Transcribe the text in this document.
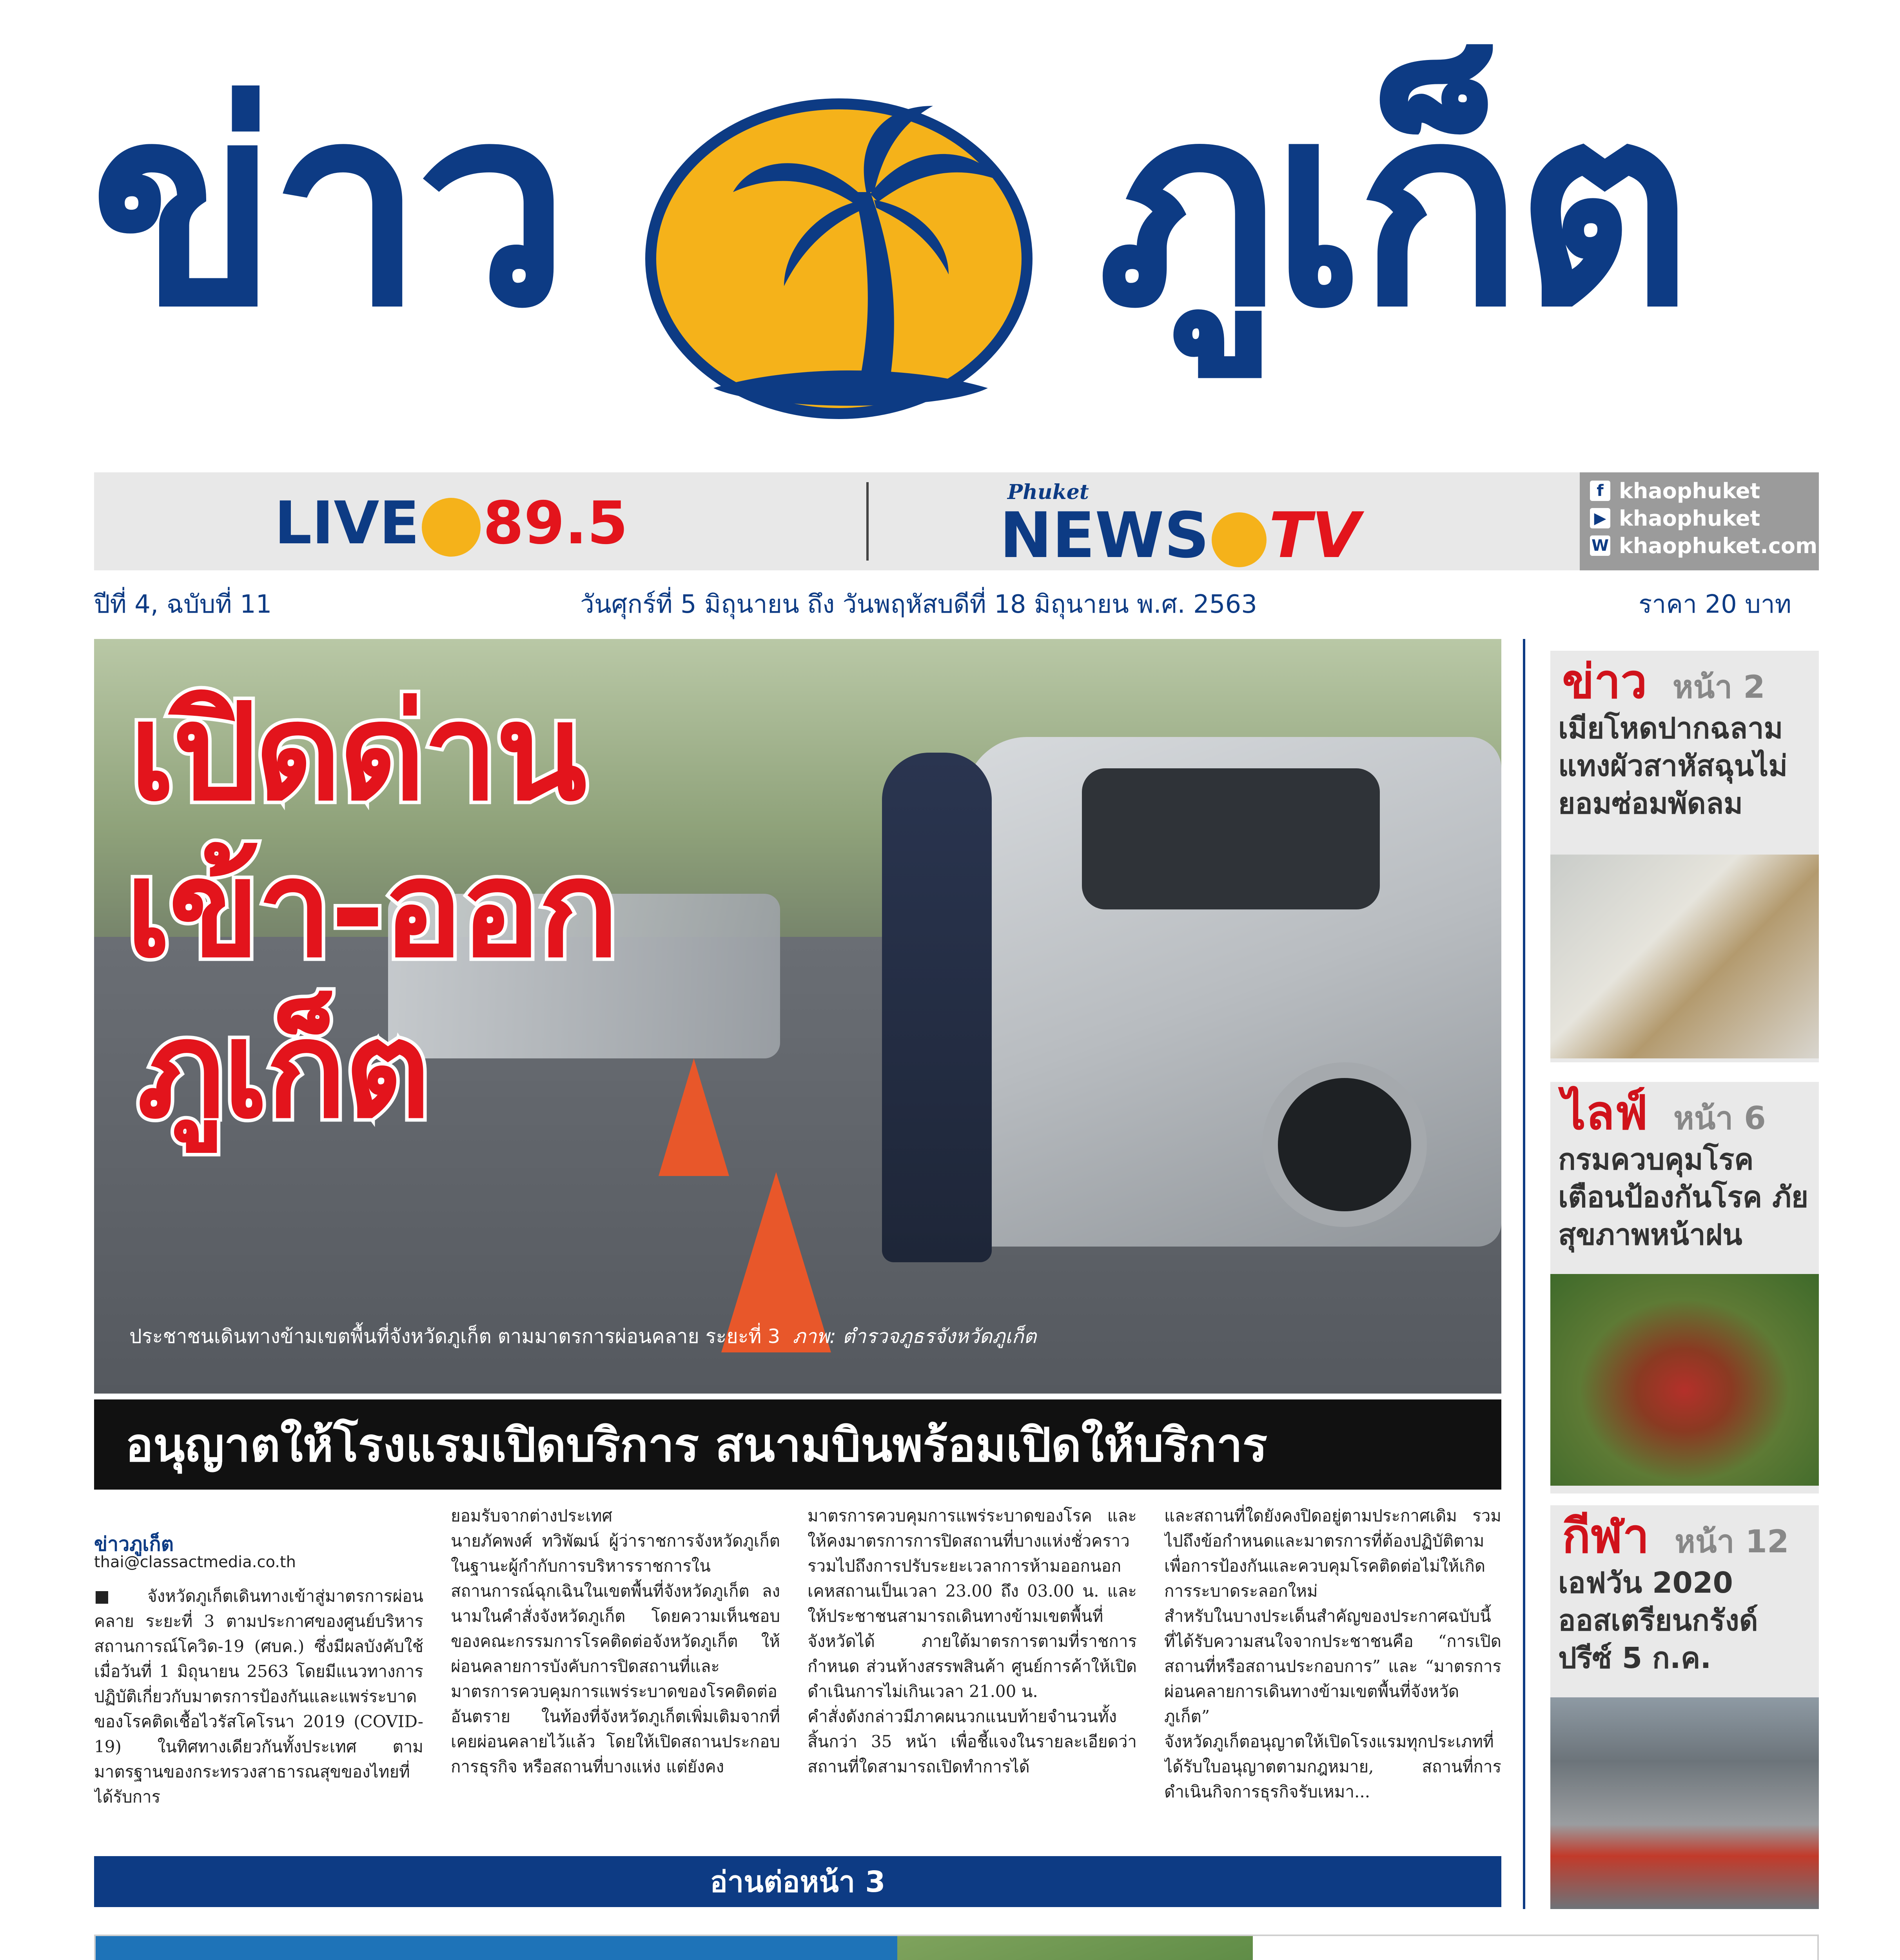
ข่าว ภูเก็ต
LIVE 89.5	Phuket
NEWS TV
f khaophuket
▶ khaophuket
W khaophuket.com
ปีที่ 4, ฉบับที่ 11	วันศุกร์ที่ 5 มิถุนายน ถึง วันพฤหัสบดีที่ 18 มิถุนายน พ.ศ. 2563	ราคา 20 บาท
เปิดด่าน
เข้า-ออก
ภูเก็ต
ประชาชนเดินทางข้ามเขตพื้นที่จังหวัดภูเก็ต ตามมาตรการผ่อนคลาย ระยะที่ 3 ภาพ: ตำรวจภูธรจังหวัดภูเก็ต
อนุญาตให้โรงแรมเปิดบริการ สนามบินพร้อมเปิดให้บริการ
ข่าวภูเก็ต
thai@classactmedia.co.th
■ จังหวัดภูเก็ตเดินทางเข้าสู่มาตรการผ่อนคลาย ระยะที่ 3 ตามประกาศของศูนย์บริหารสถานการณ์โควิด-19 (ศบค.) ซึ่งมีผลบังคับใช้เมื่อวันที่ 1 มิถุนายน 2563 โดยมีแนวทางการปฏิบัติเกี่ยวกับมาตรการป้องกันและแพร่ระบาดของโรคติดเชื้อไวรัสโคโรนา 2019 (COVID-19) ในทิศทางเดียวกันทั้งประเทศ ตามมาตรฐานของกระทรวงสาธารณสุขของไทยที่ได้รับการ
ยอมรับจากต่างประเทศ
นายภัคพงศ์ ทวิพัฒน์ ผู้ว่าราชการจังหวัดภูเก็ต ในฐานะผู้กำกับการบริหารราชการในสถานการณ์ฉุกเฉินในเขตพื้นที่จังหวัดภูเก็ต ลงนามในคำสั่งจังหวัดภูเก็ต โดยความเห็นชอบของคณะกรรมการโรคติดต่อจังหวัดภูเก็ต ให้ผ่อนคลายการบังคับการปิดสถานที่และมาตรการควบคุมการแพร่ระบาดของโรคติดต่ออันตราย ในท้องที่จังหวัดภูเก็ตเพิ่มเติมจากที่เคยผ่อนคลายไว้แล้ว โดยให้เปิดสถานประกอบการธุรกิจ หรือสถานที่บางแห่ง แต่ยังคง
มาตรการควบคุมการแพร่ระบาดของโรค และให้คงมาตรการการปิดสถานที่บางแห่งชั่วคราว รวมไปถึงการปรับระยะเวลาการห้ามออกนอกเคหสถานเป็นเวลา 23.00 ถึง 03.00 น. และให้ประชาชนสามารถเดินทางข้ามเขตพื้นที่จังหวัดได้ ภายใต้มาตรการตามที่ราชการกำหนด ส่วนห้างสรรพสินค้า ศูนย์การค้าให้เปิดดำเนินการไม่เกินเวลา 21.00 น.
คำสั่งดังกล่าวมีภาคผนวกแนบท้ายจำนวนทั้งสิ้นกว่า 35 หน้า เพื่อชี้แจงในรายละเอียดว่าสถานที่ใดสามารถเปิดทำการได้
และสถานที่ใดยังคงปิดอยู่ตามประกาศเดิม รวมไปถึงข้อกำหนดและมาตรการที่ต้องปฏิบัติตาม เพื่อการป้องกันและควบคุมโรคติดต่อไม่ให้เกิดการระบาดระลอกใหม่
สำหรับในบางประเด็นสำคัญของประกาศฉบับนี้ ที่ได้รับความสนใจจากประชาชนคือ “การเปิดสถานที่หรือสถานประกอบการ” และ “มาตรการผ่อนคลายการเดินทางข้ามเขตพื้นที่จังหวัดภูเก็ต”
จังหวัดภูเก็ตอนุญาตให้เปิดโรงแรมทุกประเภทที่ได้รับใบอนุญาตตามกฎหมาย, สถานที่การดำเนินกิจการธุรกิจรับเหมา...
อ่านต่อหน้า 3
ข่าว หน้า 2
เมียโหดปากฉลาม แทงผัวสาหัสฉุนไม่ ยอมซ่อมพัดลม
ไลฟ์ หน้า 6
กรมควบคุมโรค เตือนป้องกันโรค ภัยสุขภาพหน้าฝน
กีฬา หน้า 12
เอฟวัน 2020 ออสเตรียนกรังด์ ปรีซ์ 5 ก.ค.
